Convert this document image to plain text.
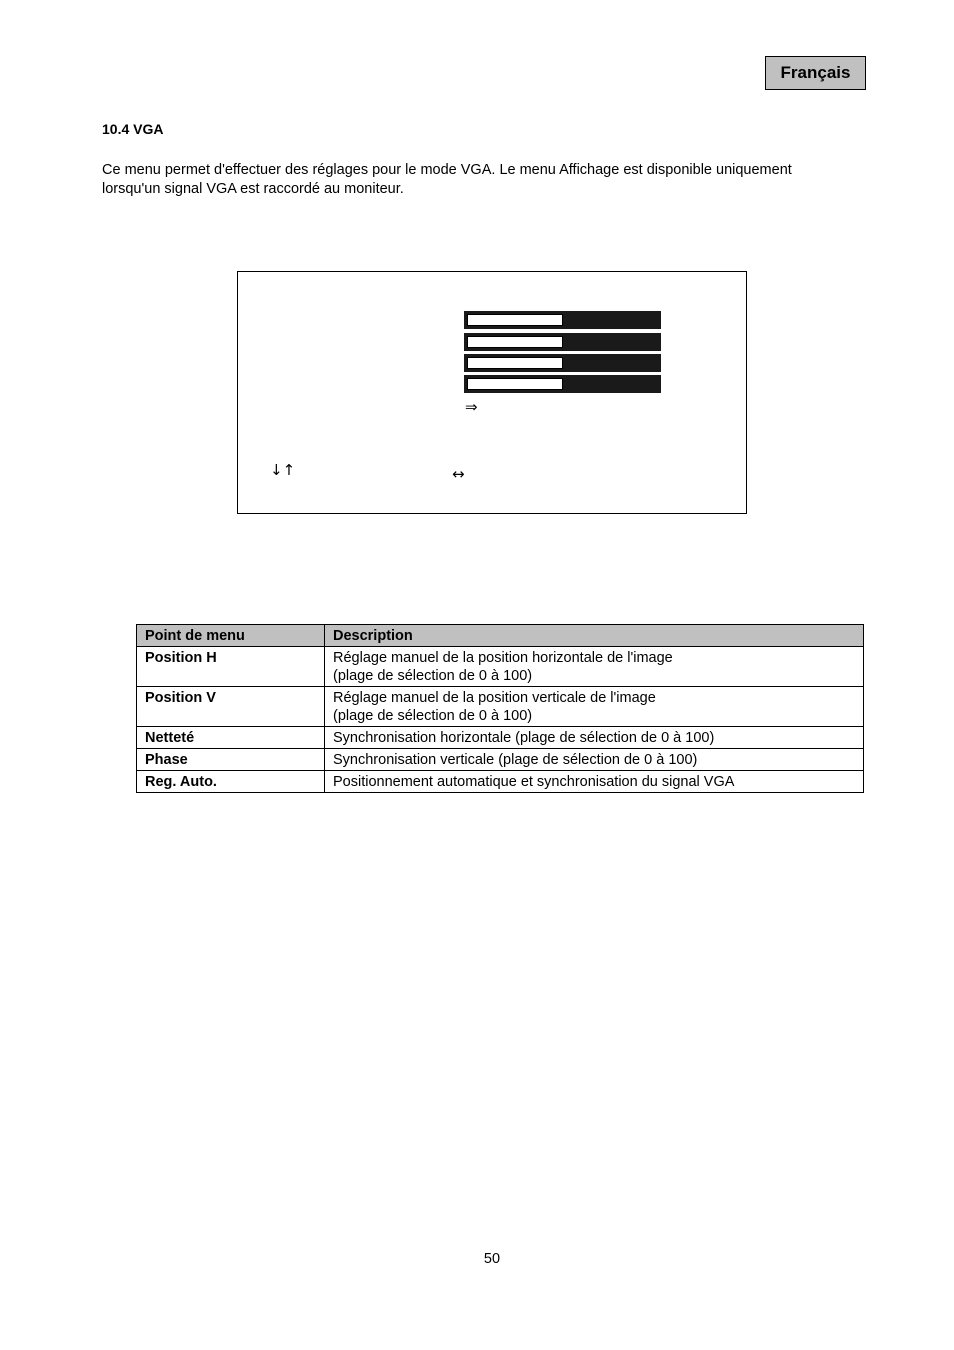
Français
10.4 VGA

Ce menu permet d'effectuer des réglages pour le mode VGA. Le menu Affichage est disponible uniquement
lorsqu'un signal VGA est raccordé au moniteur.

⇒
↓↑	↔
Point de menu	Description
Position H	Réglage manuel de la position horizontale de l'image
(plage de sélection de 0 à 100)

Position V	Réglage manuel de la position verticale de l'image
(plage de sélection de 0 à 100)

Netteté	Synchronisation horizontale (plage de sélection de 0 à 100)

Phase	Synchronisation verticale (plage de sélection de 0 à 100)

Reg. Auto.	Positionnement automatique et synchronisation du signal VGA
50
